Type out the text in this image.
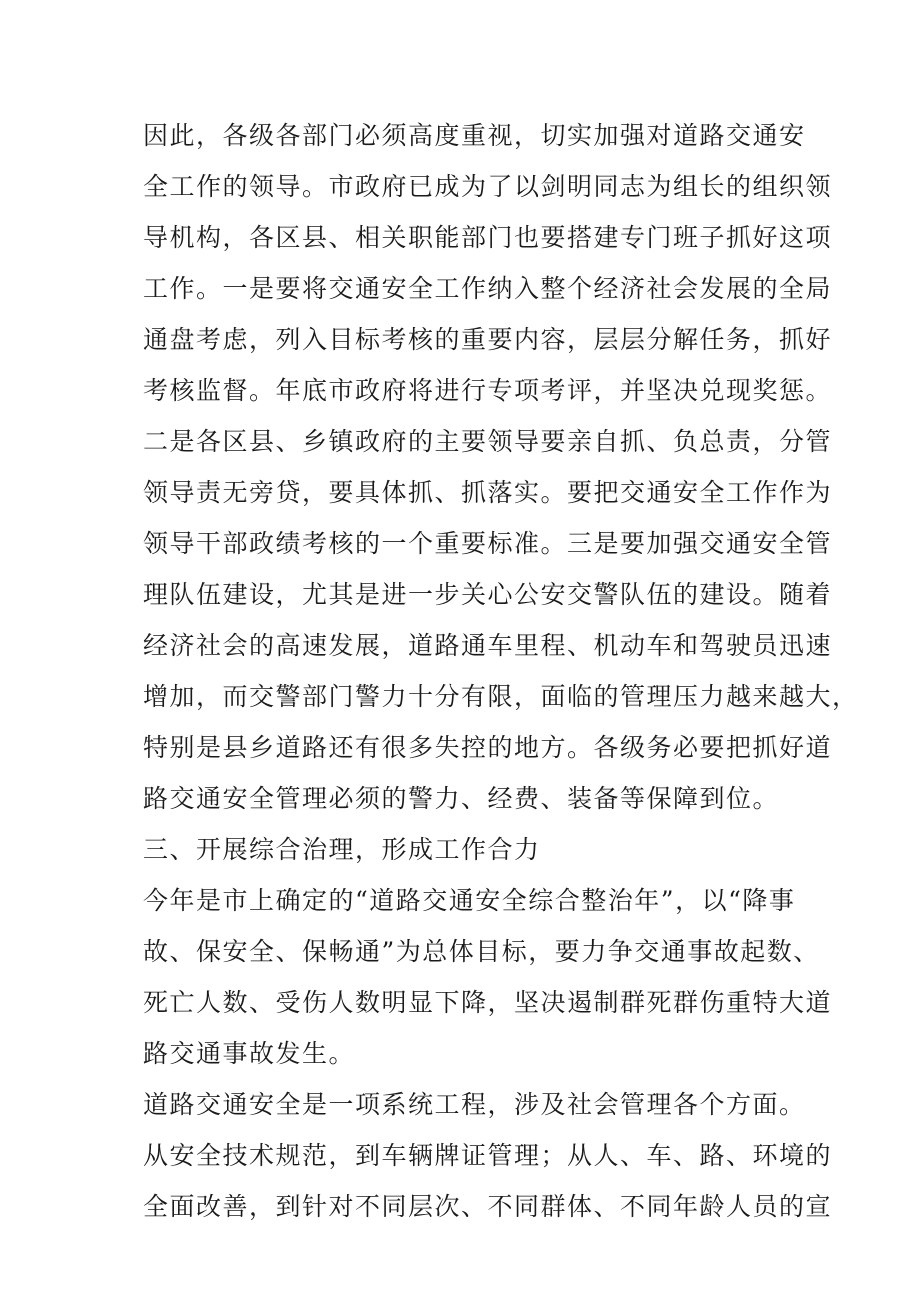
因此，各级各部门必须高度重视，切实加强对道路交通安
全工作的领导。市政府已成为了以剑明同志为组长的组织领
导机构，各区县、相关职能部门也要搭建专门班子抓好这项
工作。一是要将交通安全工作纳入整个经济社会发展的全局
通盘考虑，列入目标考核的重要内容，层层分解任务，抓好
考核监督。年底市政府将进行专项考评，并坚决兑现奖惩。
二是各区县、乡镇政府的主要领导要亲自抓、负总责，分管
领导责无旁贷，要具体抓、抓落实。要把交通安全工作作为
领导干部政绩考核的一个重要标准。三是要加强交通安全管
理队伍建设，尤其是进一步关心公安交警队伍的建设。随着
经济社会的高速发展，道路通车里程、机动车和驾驶员迅速
增加，而交警部门警力十分有限，面临的管理压力越来越大，
特别是县乡道路还有很多失控的地方。各级务必要把抓好道
路交通安全管理必须的警力、经费、装备等保障到位。
三、开展综合治理，形成工作合力
今年是市上确定的“道路交通安全综合整治年”，以“降事
故、保安全、保畅通”为总体目标，要力争交通事故起数、
死亡人数、受伤人数明显下降，坚决遏制群死群伤重特大道
路交通事故发生。
道路交通安全是一项系统工程，涉及社会管理各个方面。
从安全技术规范，到车辆牌证管理；从人、车、路、环境的
全面改善，到针对不同层次、不同群体、不同年龄人员的宣
